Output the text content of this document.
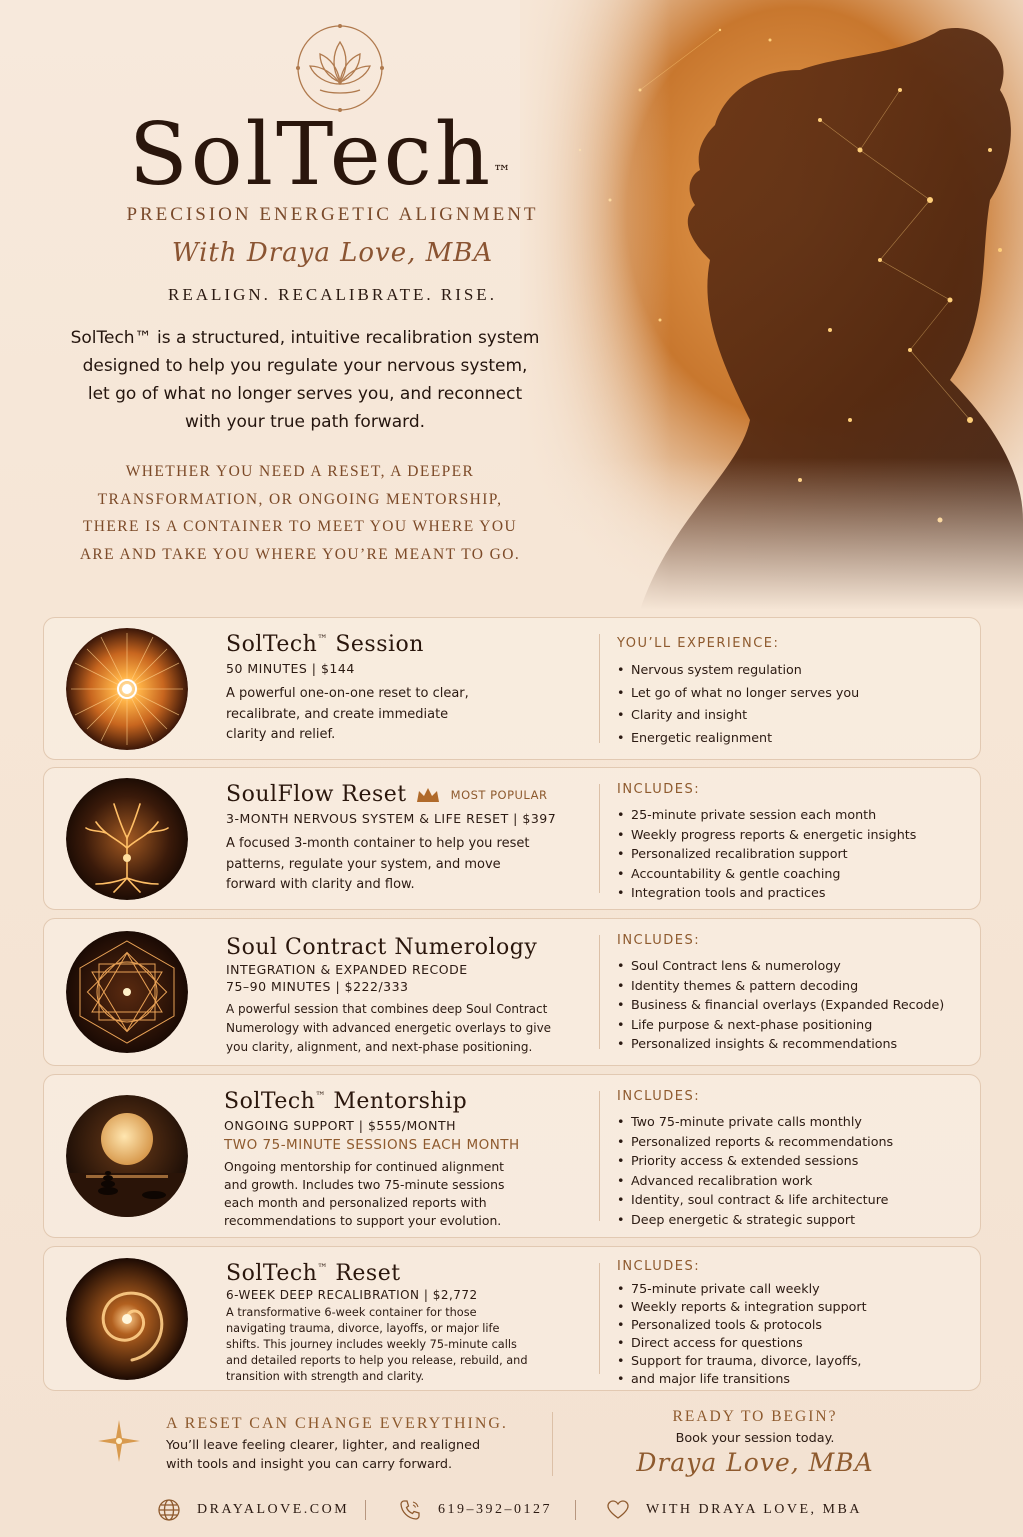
SolTech™
PRECISION ENERGETIC ALIGNMENT
With Draya Love, MBA
REALIGN. RECALIBRATE. RISE.
SolTech™ is a structured, intuitive recalibration system designed to help you regulate your nervous system, let go of what no longer serves you, and reconnect with your true path forward.
WHETHER YOU NEED A RESET, A DEEPER TRANSFORMATION, OR ONGOING MENTORSHIP, THERE IS A CONTAINER TO MEET YOU WHERE YOU ARE AND TAKE YOU WHERE YOU’RE MEANT TO GO.
SolTech™ Session
50 MINUTES | $144
A powerful one-on-one reset to clear, recalibrate, and create immediate clarity and relief.
YOU’LL EXPERIENCE:
• Nervous system regulation
• Let go of what no longer serves you
• Clarity and insight
• Energetic realignment
SoulFlow Reset	MOST POPULAR
3-MONTH NERVOUS SYSTEM & LIFE RESET | $397
A focused 3-month container to help you reset patterns, regulate your system, and move forward with clarity and flow.
INCLUDES:
• 25-minute private session each month
• Weekly progress reports & energetic insights
• Personalized recalibration support
• Accountability & gentle coaching
• Integration tools and practices
Soul Contract Numerology
INTEGRATION & EXPANDED RECODE
75–90 MINUTES | $222/333
A powerful session that combines deep Soul Contract Numerology with advanced energetic overlays to give you clarity, alignment, and next-phase positioning.
INCLUDES:
• Soul Contract lens & numerology
• Identity themes & pattern decoding
• Business & financial overlays (Expanded Recode)
• Life purpose & next-phase positioning
• Personalized insights & recommendations
SolTech™ Mentorship
ONGOING SUPPORT | $555/MONTH
TWO 75-MINUTE SESSIONS EACH MONTH
Ongoing mentorship for continued alignment and growth. Includes two 75-minute sessions each month and personalized reports with recommendations to support your evolution.
INCLUDES:
• Two 75-minute private calls monthly
• Personalized reports & recommendations
• Priority access & extended sessions
• Advanced recalibration work
• Identity, soul contract & life architecture
• Deep energetic & strategic support
SolTech™ Reset
6-WEEK DEEP RECALIBRATION | $2,772
A transformative 6-week container for those navigating trauma, divorce, layoffs, or major life shifts. This journey includes weekly 75-minute calls and detailed reports to help you release, rebuild, and transition with strength and clarity.
INCLUDES:
• 75-minute private call weekly
• Weekly reports & integration support
• Personalized tools & protocols
• Direct access for questions
• Support for trauma, divorce, layoffs,
• and major life transitions
A RESET CAN CHANGE EVERYTHING.
You’ll leave feeling clearer, lighter, and realigned with tools and insight you can carry forward.
READY TO BEGIN?
Book your session today.
Draya Love, MBA
DRAYALOVE.COM	619–392–0127	WITH DRAYA LOVE, MBA
